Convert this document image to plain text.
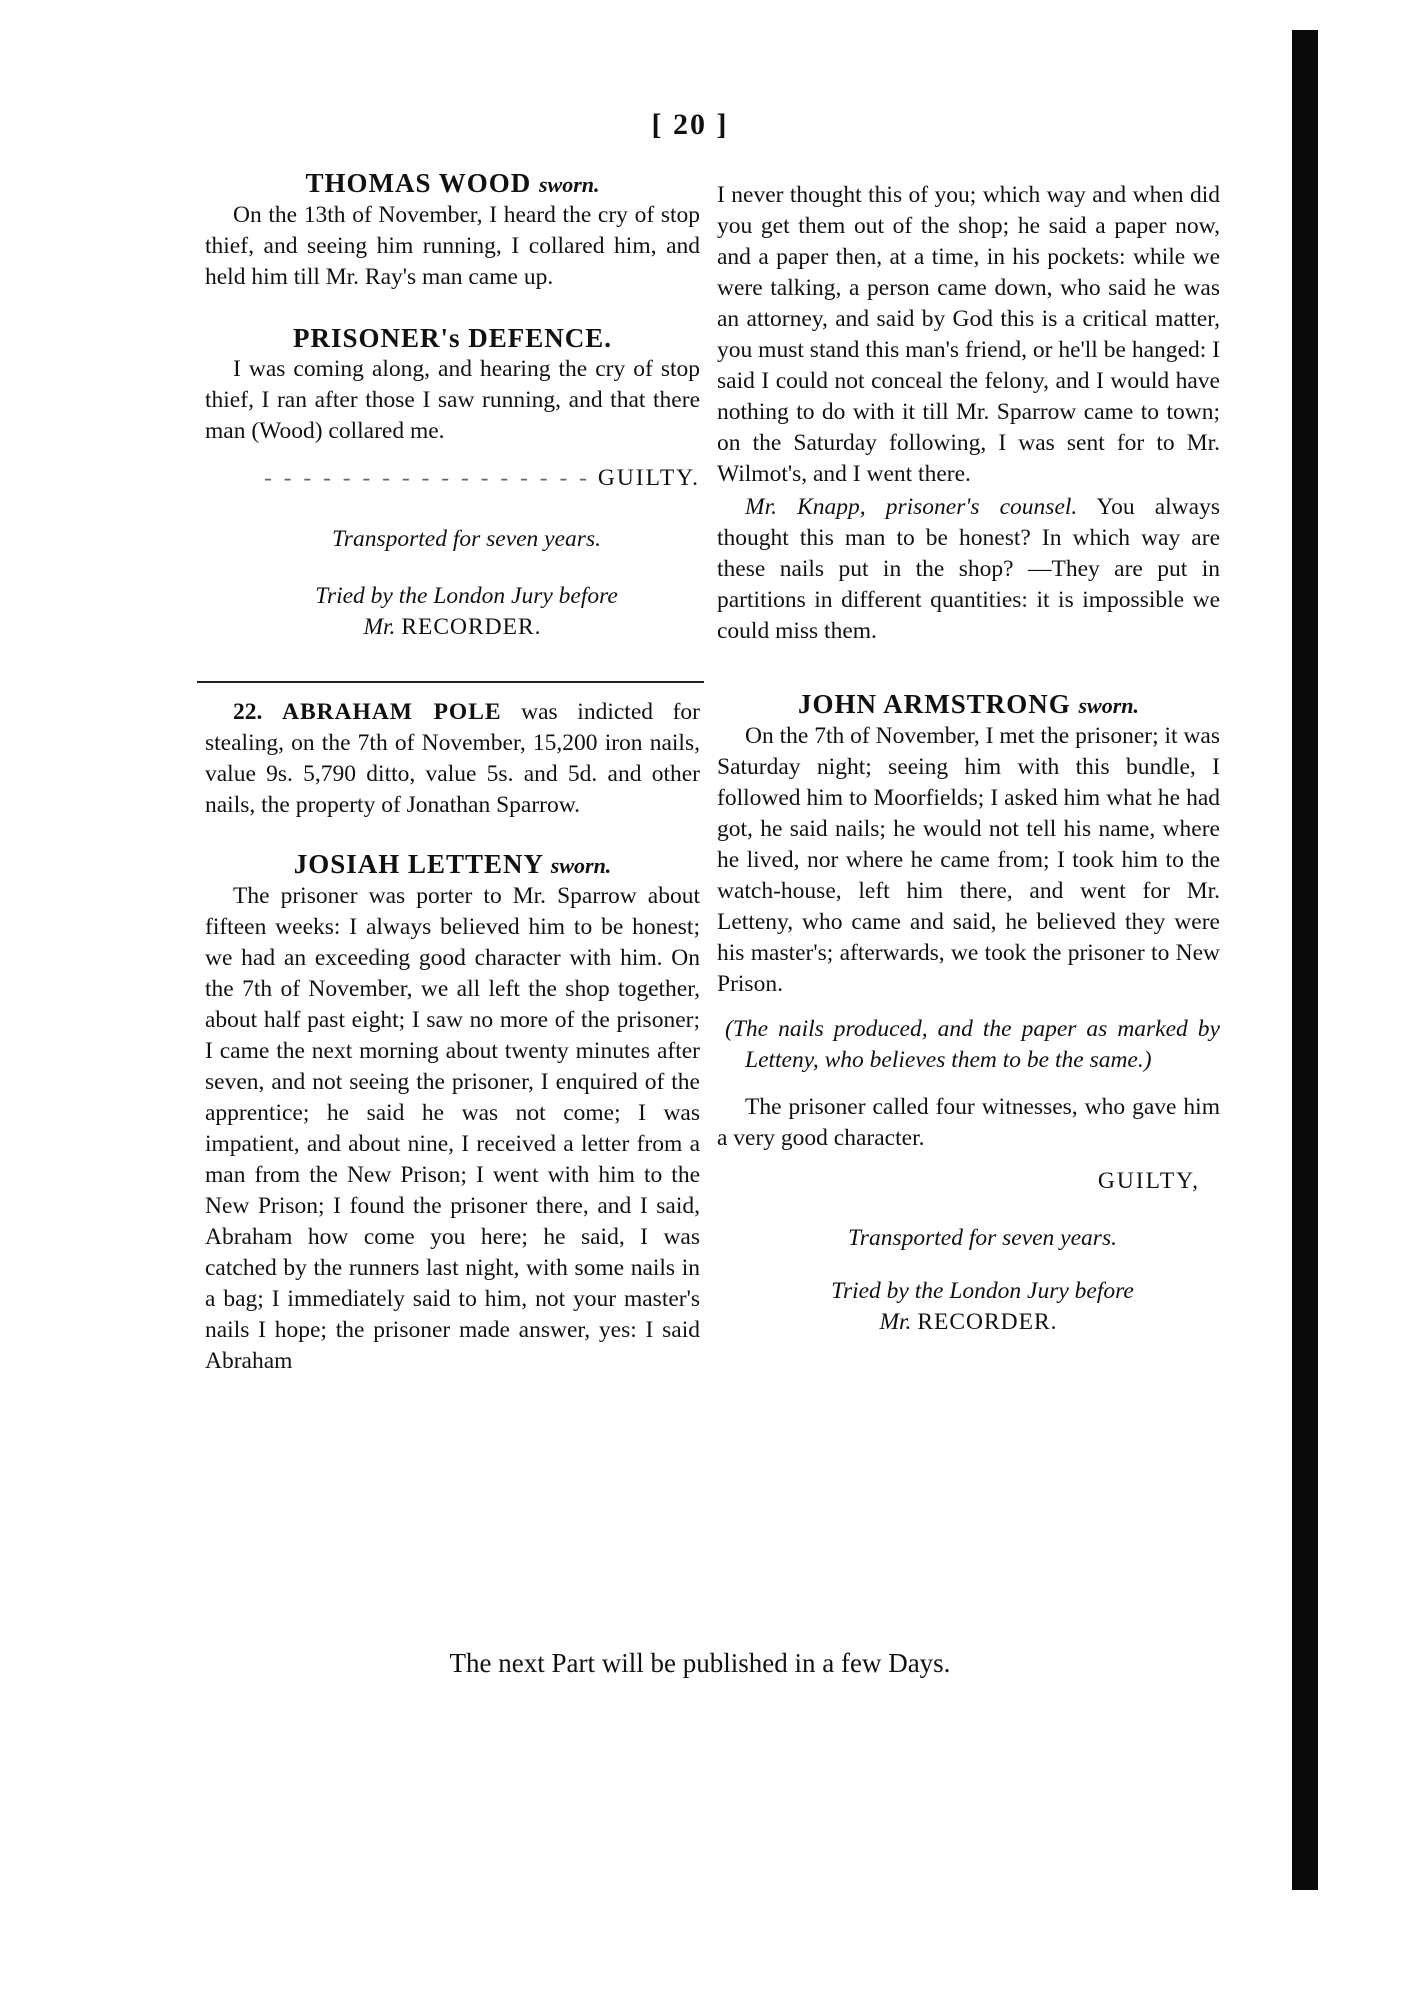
[ 20 ]
THOMAS WOOD sworn.

On the 13th of November, I heard the cry of stop thief, and seeing him running, I collared him, and held him till Mr. Ray's man came up.

PRISONER's DEFENCE.

I was coming along, and hearing the cry of stop thief, I ran after those I saw running, and that there man (Wood) collared me.

- - - - - - - - - - - - - - - - - GUILTY.

Transported for seven years.

Tried by the London Jury before
Mr. RECORDER.

22. ABRAHAM POLE was indicted for stealing, on the 7th of November, 15,200 iron nails, value 9s. 5,790 ditto, value 5s. and 5d. and other nails, the property of Jonathan Sparrow.

JOSIAH LETTENY sworn.

The prisoner was porter to Mr. Sparrow about fifteen weeks: I always believed him to be honest; we had an exceeding good character with him. On the 7th of November, we all left the shop together, about half past eight; I saw no more of the prisoner; I came the next morning about twenty minutes after seven, and not seeing the prisoner, I enquired of the apprentice; he said he was not come; I was impatient, and about nine, I received a letter from a man from the New Prison; I went with him to the New Prison; I found the prisoner there, and I said, Abraham how come you here; he said, I was catched by the runners last night, with some nails in a bag; I immediately said to him, not your master's nails I hope; the prisoner made answer, yes: I said Abraham

I never thought this of you; which way and when did you get them out of the shop; he said a paper now, and a paper then, at a time, in his pockets: while we were talking, a person came down, who said he was an attorney, and said by God this is a critical matter, you must stand this man's friend, or he'll be hanged: I said I could not conceal the felony, and I would have nothing to do with it till Mr. Sparrow came to town; on the Saturday following, I was sent for to Mr. Wilmot's, and I went there.

Mr. Knapp, prisoner's counsel. You always thought this man to be honest? In which way are these nails put in the shop? —They are put in partitions in different quantities: it is impossible we could miss them.

JOHN ARMSTRONG sworn.

On the 7th of November, I met the prisoner; it was Saturday night; seeing him with this bundle, I followed him to Moorfields; I asked him what he had got, he said nails; he would not tell his name, where he lived, nor where he came from; I took him to the watch-house, left him there, and went for Mr. Letteny, who came and said, he believed they were his master's; afterwards, we took the prisoner to New Prison.

(The nails produced, and the paper as marked by Letteny, who believes them to be the same.)

The prisoner called four witnesses, who gave him a very good character.

GUILTY,

Transported for seven years.

Tried by the London Jury before
Mr. RECORDER.

The next Part will be published in a few Days.
